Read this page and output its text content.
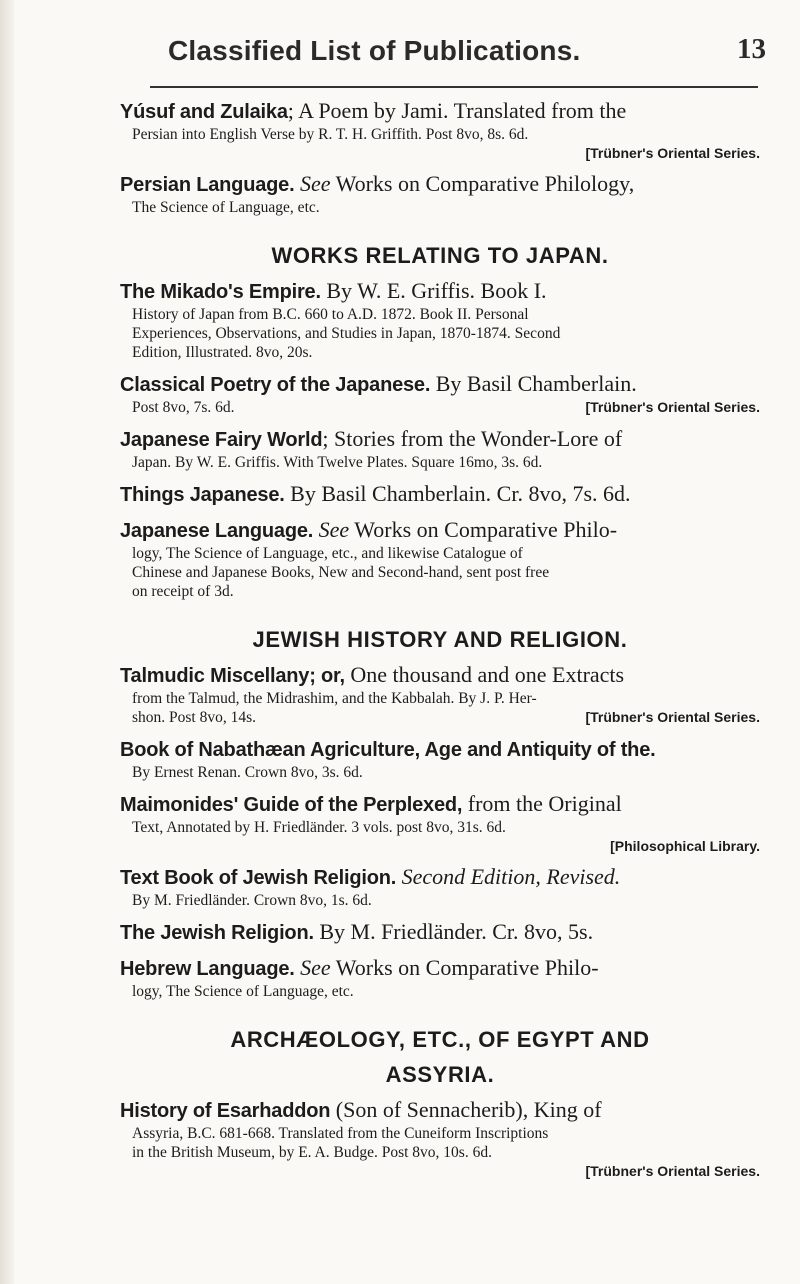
Classified List of Publications.	13

Yúsuf and Zulaika; A Poem by Jami. Translated from the

Persian into English Verse by R. T. H. Griffith. Post 8vo, 8s. 6d.

[Trübner's Oriental Series.

Persian Language. See Works on Comparative Philology,

The Science of Language, etc.

WORKS RELATING TO JAPAN.

The Mikado's Empire. By W. E. Griffis. Book I.

History of Japan from B.C. 660 to A.D. 1872. Book II. Personal

Experiences, Observations, and Studies in Japan, 1870-1874. Second

Edition, Illustrated. 8vo, 20s.

Classical Poetry of the Japanese. By Basil Chamberlain.

Post 8vo, 7s. 6d.	[Trübner's Oriental Series.

Japanese Fairy World; Stories from the Wonder-Lore of

Japan. By W. E. Griffis. With Twelve Plates. Square 16mo, 3s. 6d.

Things Japanese. By Basil Chamberlain. Cr. 8vo, 7s. 6d.

Japanese Language. See Works on Comparative Philo-

logy, The Science of Language, etc., and likewise Catalogue of

Chinese and Japanese Books, New and Second-hand, sent post free

on receipt of 3d.

JEWISH HISTORY AND RELIGION.

Talmudic Miscellany; or, One thousand and one Extracts

from the Talmud, the Midrashim, and the Kabbalah. By J. P. Her-

shon. Post 8vo, 14s.	[Trübner's Oriental Series.

Book of Nabathæan Agriculture, Age and Antiquity of the.

By Ernest Renan. Crown 8vo, 3s. 6d.

Maimonides' Guide of the Perplexed, from the Original

Text, Annotated by H. Friedländer. 3 vols. post 8vo, 31s. 6d.

[Philosophical Library.

Text Book of Jewish Religion. Second Edition, Revised.

By M. Friedländer. Crown 8vo, 1s. 6d.

The Jewish Religion. By M. Friedländer. Cr. 8vo, 5s.

Hebrew Language. See Works on Comparative Philo-

logy, The Science of Language, etc.

ARCHÆOLOGY, ETC., OF EGYPT AND
ASSYRIA.

History of Esarhaddon (Son of Sennacherib), King of

Assyria, B.C. 681-668. Translated from the Cuneiform Inscriptions

in the British Museum, by E. A. Budge. Post 8vo, 10s. 6d.

[Trübner's Oriental Series.
